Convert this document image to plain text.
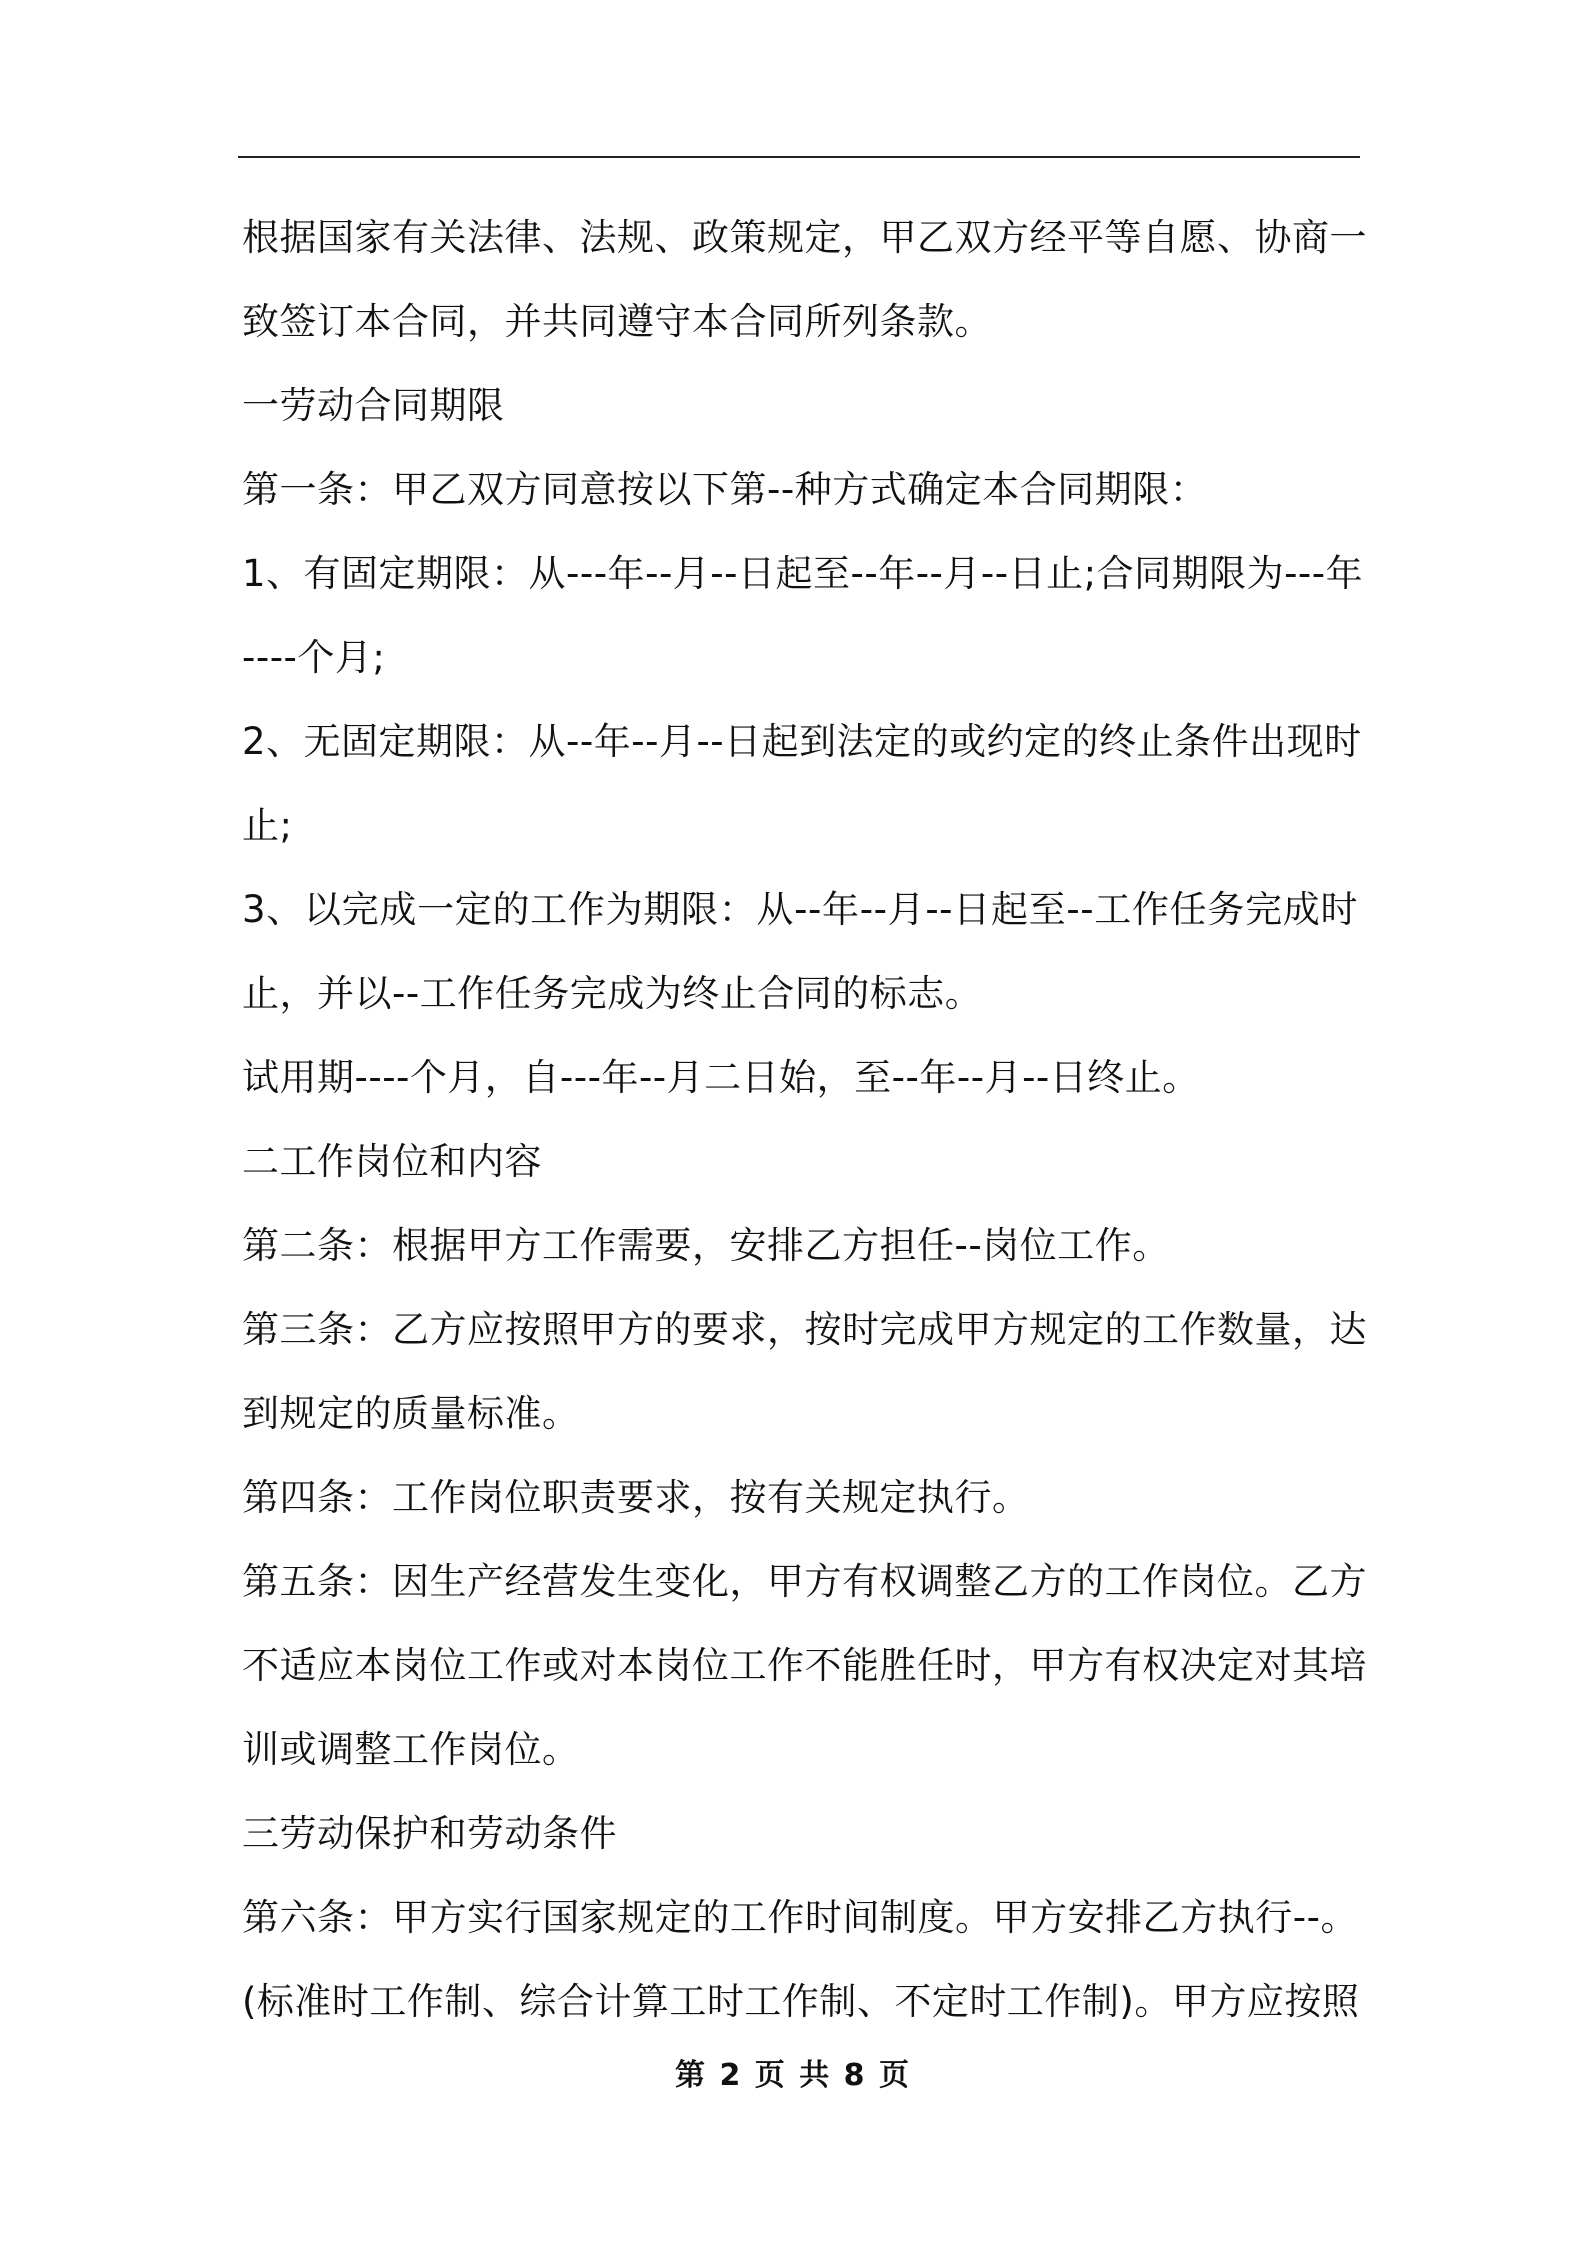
根据国家有关法律、法规、政策规定，甲乙双方经平等自愿、协商一
致签订本合同，并共同遵守本合同所列条款。
一劳动合同期限
第一条：甲乙双方同意按以下第--种方式确定本合同期限：
1、有固定期限：从---年--月--日起至--年--月--日止;合同期限为---年
----个月;
2、无固定期限：从--年--月--日起到法定的或约定的终止条件出现时
止;
3、以完成一定的工作为期限：从--年--月--日起至--工作任务完成时
止，并以--工作任务完成为终止合同的标志。
试用期----个月，自---年--月二日始，至--年--月--日终止。
二工作岗位和内容
第二条：根据甲方工作需要，安排乙方担任--岗位工作。
第三条：乙方应按照甲方的要求，按时完成甲方规定的工作数量，达
到规定的质量标准。
第四条：工作岗位职责要求，按有关规定执行。
第五条：因生产经营发生变化，甲方有权调整乙方的工作岗位。乙方
不适应本岗位工作或对本岗位工作不能胜任时，甲方有权决定对其培
训或调整工作岗位。
三劳动保护和劳动条件
第六条：甲方实行国家规定的工作时间制度。甲方安排乙方执行--。
(标准时工作制、综合计算工时工作制、不定时工作制)。甲方应按照
第 2 页 共 8 页
